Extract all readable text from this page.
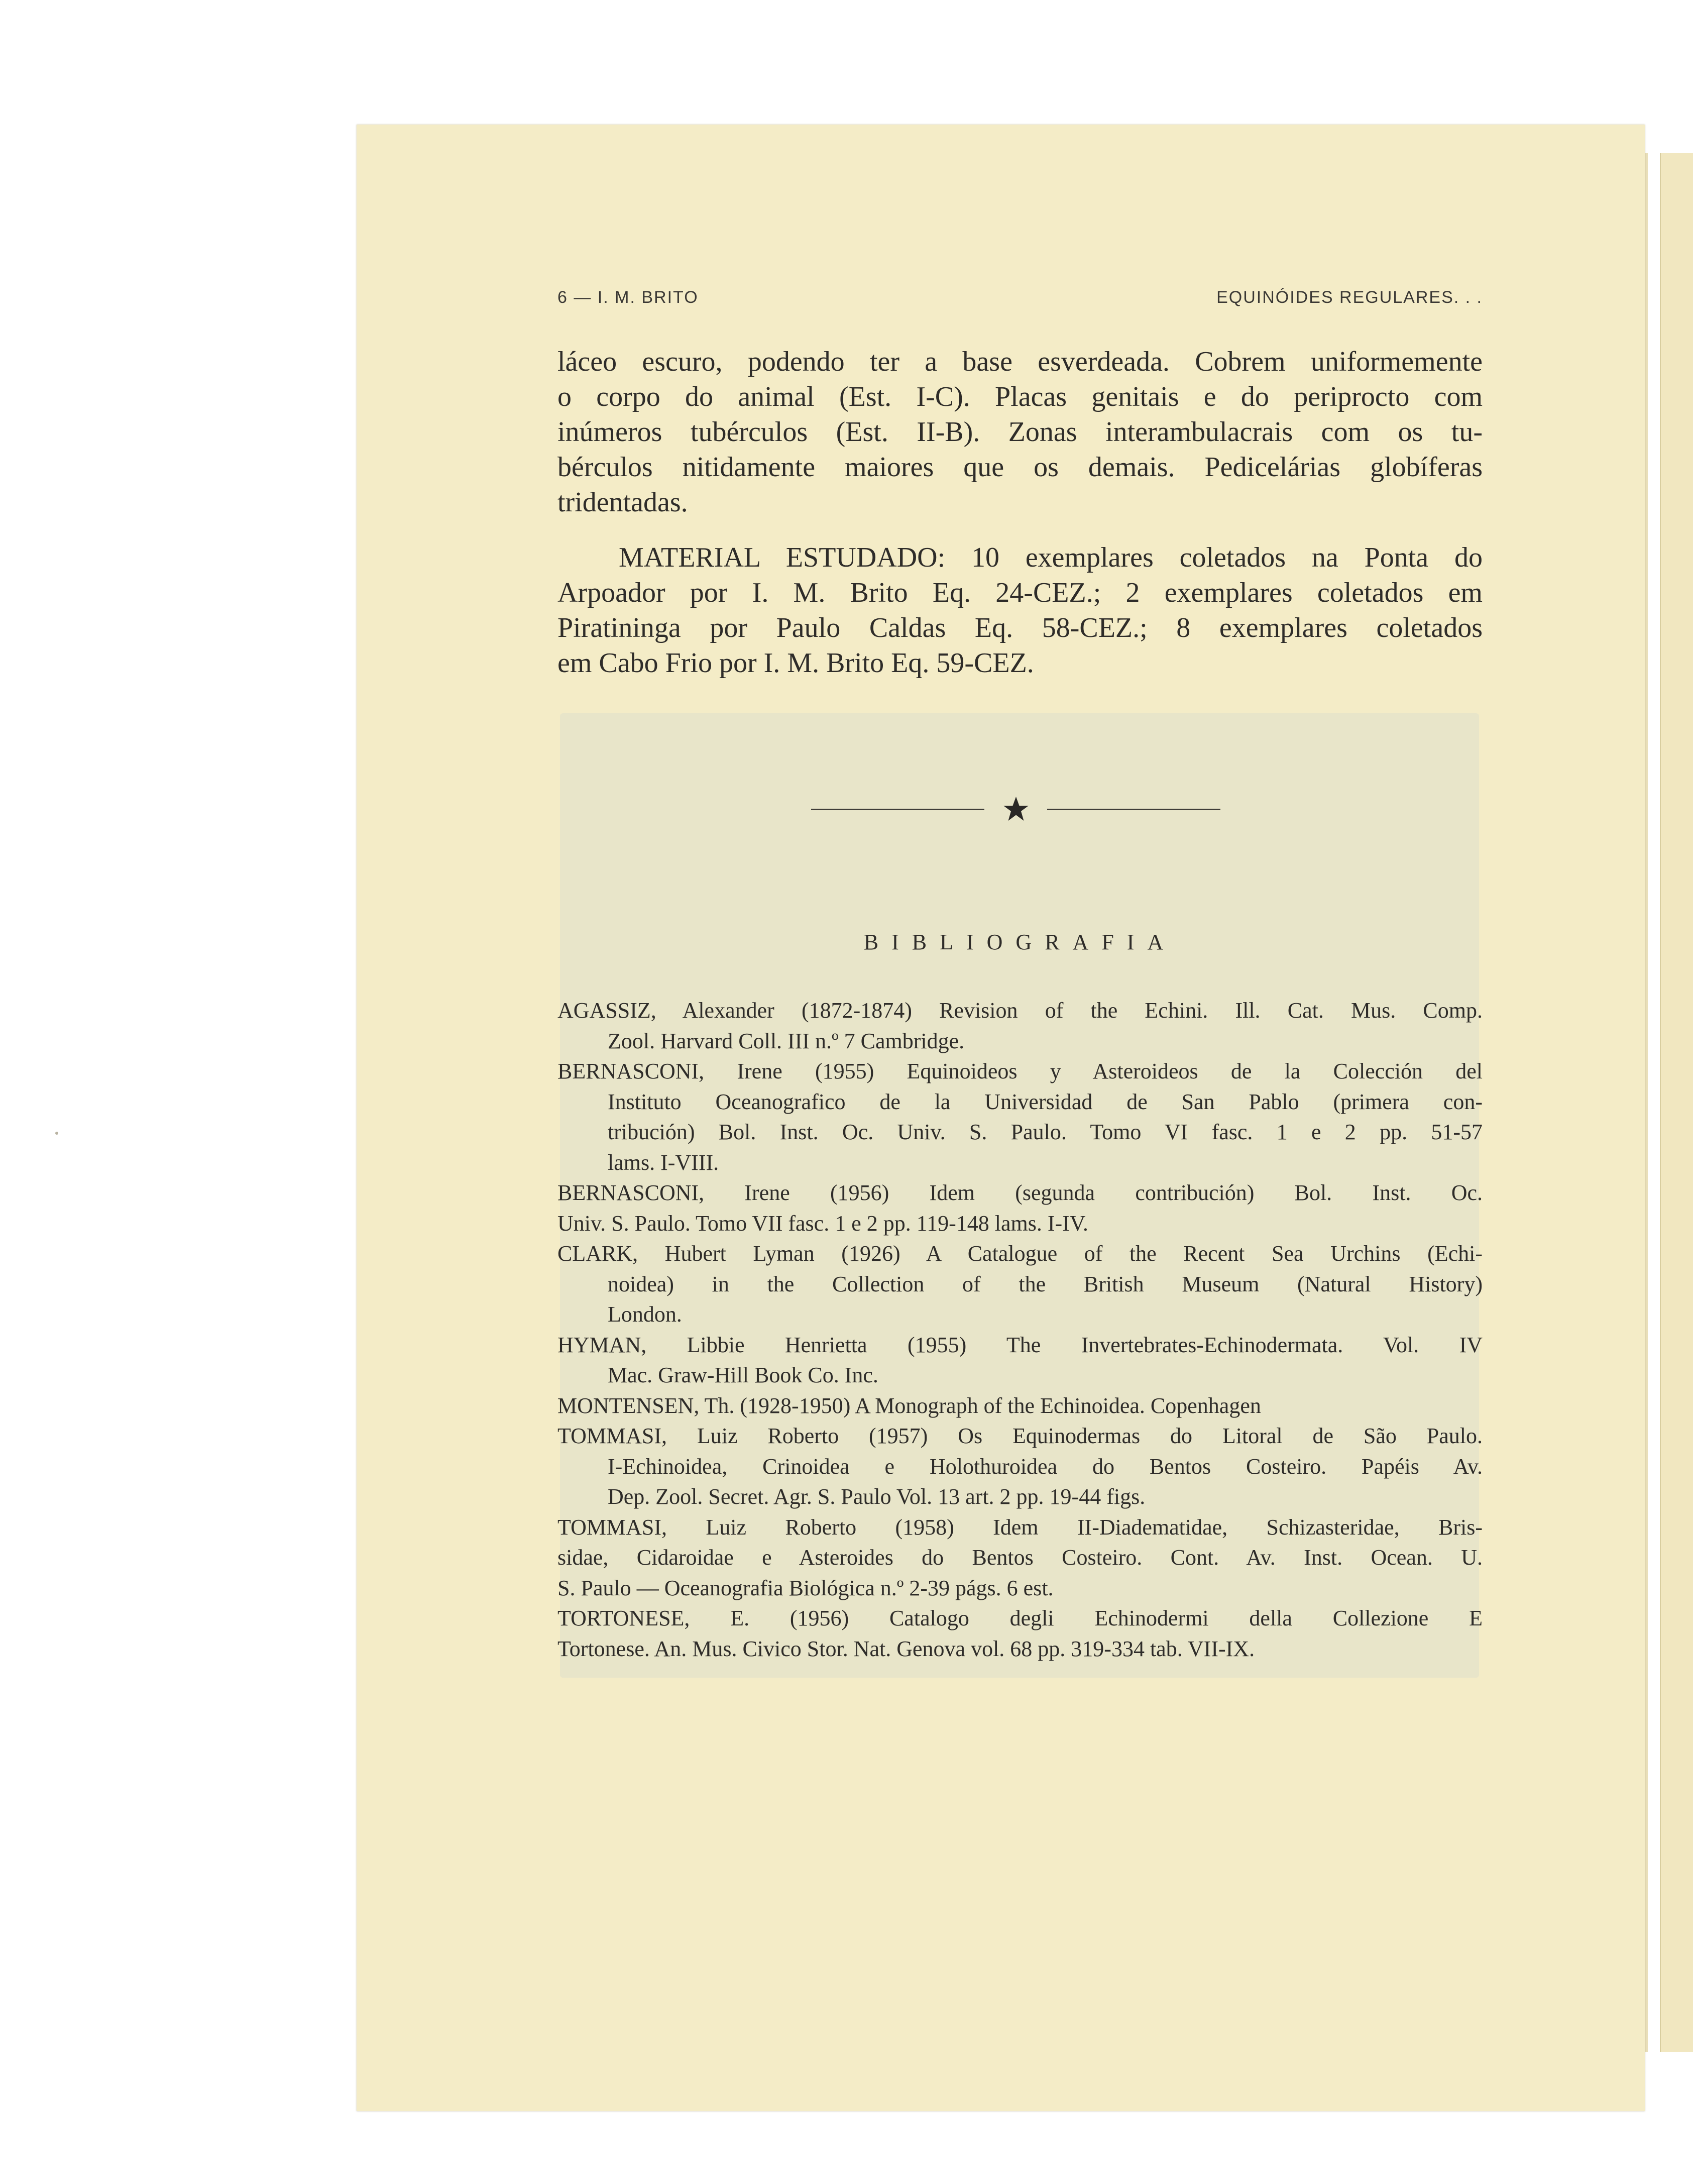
6 — I. M. BRITO	EQUINÓIDES REGULARES. . .

láceo escuro, podendo ter a base esverdeada. Cobrem uniformemente
o corpo do animal (Est. I-C). Placas genitais e do periprocto com
inúmeros tubérculos (Est. II-B). Zonas interambulacrais com os tu-
bérculos nitidamente maiores que os demais. Pedicelárias globíferas
tridentadas.

MATERIAL ESTUDADO: 10 exemplares coletados na Ponta do
Arpoador por I. M. Brito Eq. 24-CEZ.; 2 exemplares coletados em
Piratininga por Paulo Caldas Eq. 58-CEZ.; 8 exemplares coletados
em Cabo Frio por I. M. Brito Eq. 59-CEZ.

BIBLIOGRAFIA

AGASSIZ, Alexander (1872-1874) Revision of the Echini. Ill. Cat. Mus. Comp.
Zool. Harvard Coll. III n.º 7 Cambridge.

BERNASCONI, Irene (1955) Equinoideos y Asteroideos de la Colección del
Instituto Oceanografico de la Universidad de San Pablo (primera con-
tribución) Bol. Inst. Oc. Univ. S. Paulo. Tomo VI fasc. 1 e 2 pp. 51-57
lams. I-VIII.

BERNASCONI, Irene (1956) Idem (segunda contribución) Bol. Inst. Oc.
Univ. S. Paulo. Tomo VII fasc. 1 e 2 pp. 119-148 lams. I-IV.

CLARK, Hubert Lyman (1926) A Catalogue of the Recent Sea Urchins (Echi-
noidea) in the Collection of the British Museum (Natural History)
London.

HYMAN, Libbie Henrietta (1955) The Invertebrates-Echinodermata. Vol. IV
Mac. Graw-Hill Book Co. Inc.

MONTENSEN, Th. (1928-1950) A Monograph of the Echinoidea. Copenhagen

TOMMASI, Luiz Roberto (1957) Os Equinodermas do Litoral de São Paulo.
I-Echinoidea, Crinoidea e Holothuroidea do Bentos Costeiro. Papéis Av.
Dep. Zool. Secret. Agr. S. Paulo Vol. 13 art. 2 pp. 19-44 figs.

TOMMASI, Luiz Roberto (1958) Idem II-Diadematidae, Schizasteridae, Bris-
sidae, Cidaroidae e Asteroides do Bentos Costeiro. Cont. Av. Inst. Ocean. U.
S. Paulo — Oceanografia Biológica n.º 2-39 págs. 6 est.

TORTONESE, E. (1956) Catalogo degli Echinodermi della Collezione E
Tortonese. An. Mus. Civico Stor. Nat. Genova vol. 68 pp. 319-334 tab. VII-IX.
